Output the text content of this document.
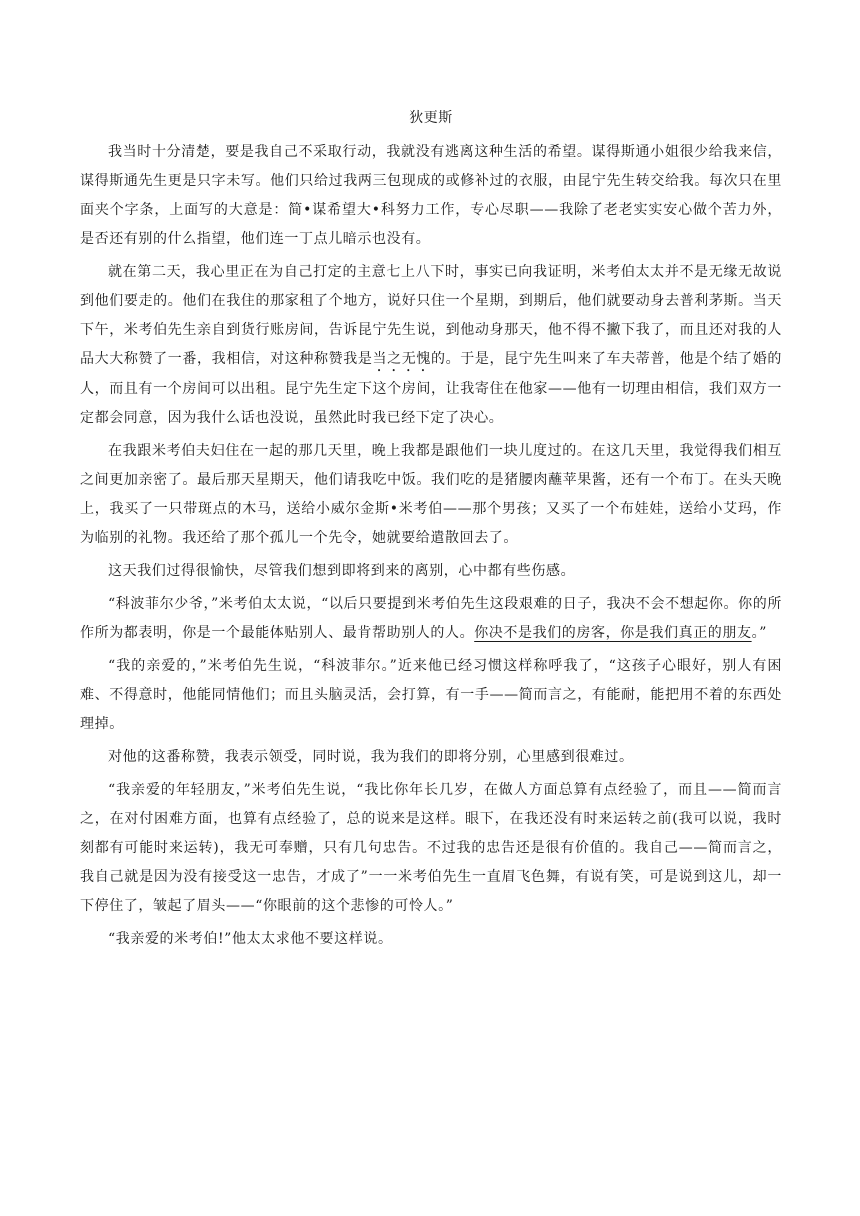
狄更斯

我当时十分清楚，要是我自己不采取行动，我就没有逃离这种生活的希望。谋得斯通小姐很少给我来信，谋得斯通先生更是只字未写。他们只给过我两三包现成的或修补过的衣服，由昆宁先生转交给我。每次只在里面夹个字条，上面写的大意是：简•谋希望大•科努力工作，专心尽职——我除了老老实实安心做个苦力外，是否还有别的什么指望，他们连一丁点儿暗示也没有。

就在第二天，我心里正在为自己打定的主意七上八下时，事实已向我证明，米考伯太太并不是无缘无故说到他们要走的。他们在我住的那家租了个地方，说好只住一个星期，到期后，他们就要动身去普利茅斯。当天下午，米考伯先生亲自到货行账房间，告诉昆宁先生说，到他动身那天，他不得不撇下我了，而且还对我的人品大大称赞了一番，我相信，对这种称赞我是当之无愧的。于是，昆宁先生叫来了车夫蒂普，他是个结了婚的人，而且有一个房间可以出租。昆宁先生定下这个房间，让我寄住在他家——他有一切理由相信，我们双方一定都会同意，因为我什么话也没说，虽然此时我已经下定了决心。

在我跟米考伯夫妇住在一起的那几天里，晚上我都是跟他们一块儿度过的。在这几天里，我觉得我们相互之间更加亲密了。最后那天星期天，他们请我吃中饭。我们吃的是猪腰肉蘸苹果酱，还有一个布丁。在头天晚上，我买了一只带斑点的木马，送给小威尔金斯•米考伯——那个男孩；又买了一个布娃娃，送给小艾玛，作为临别的礼物。我还给了那个孤儿一个先令，她就要给遣散回去了。

这天我们过得很愉快，尽管我们想到即将到来的离别，心中都有些伤感。

“科波菲尔少爷，”米考伯太太说，“以后只要提到米考伯先生这段艰难的日子，我决不会不想起你。你的所作所为都表明，你是一个最能体贴别人、最肯帮助别人的人。你决不是我们的房客，你是我们真正的朋友。”

“我的亲爱的，”米考伯先生说，“科波菲尔。”近来他已经习惯这样称呼我了，“这孩子心眼好，别人有困难、不得意时，他能同情他们；而且头脑灵活，会打算，有一手——简而言之，有能耐，能把用不着的东西处理掉。

对他的这番称赞，我表示领受，同时说，我为我们的即将分别，心里感到很难过。

“我亲爱的年轻朋友，”米考伯先生说，“我比你年长几岁，在做人方面总算有点经验了，而且——简而言之，在对付困难方面，也算有点经验了，总的说来是这样。眼下，在我还没有时来运转之前(我可以说，我时刻都有可能时来运转)，我无可奉赠，只有几句忠告。不过我的忠告还是很有价值的。我自己——简而言之，我自己就是因为没有接受这一忠告，才成了”一一米考伯先生一直眉飞色舞，有说有笑，可是说到这儿，却一下停住了，皱起了眉头——“你眼前的这个悲惨的可怜人。”

“我亲爱的米考伯!”他太太求他不要这样说。
